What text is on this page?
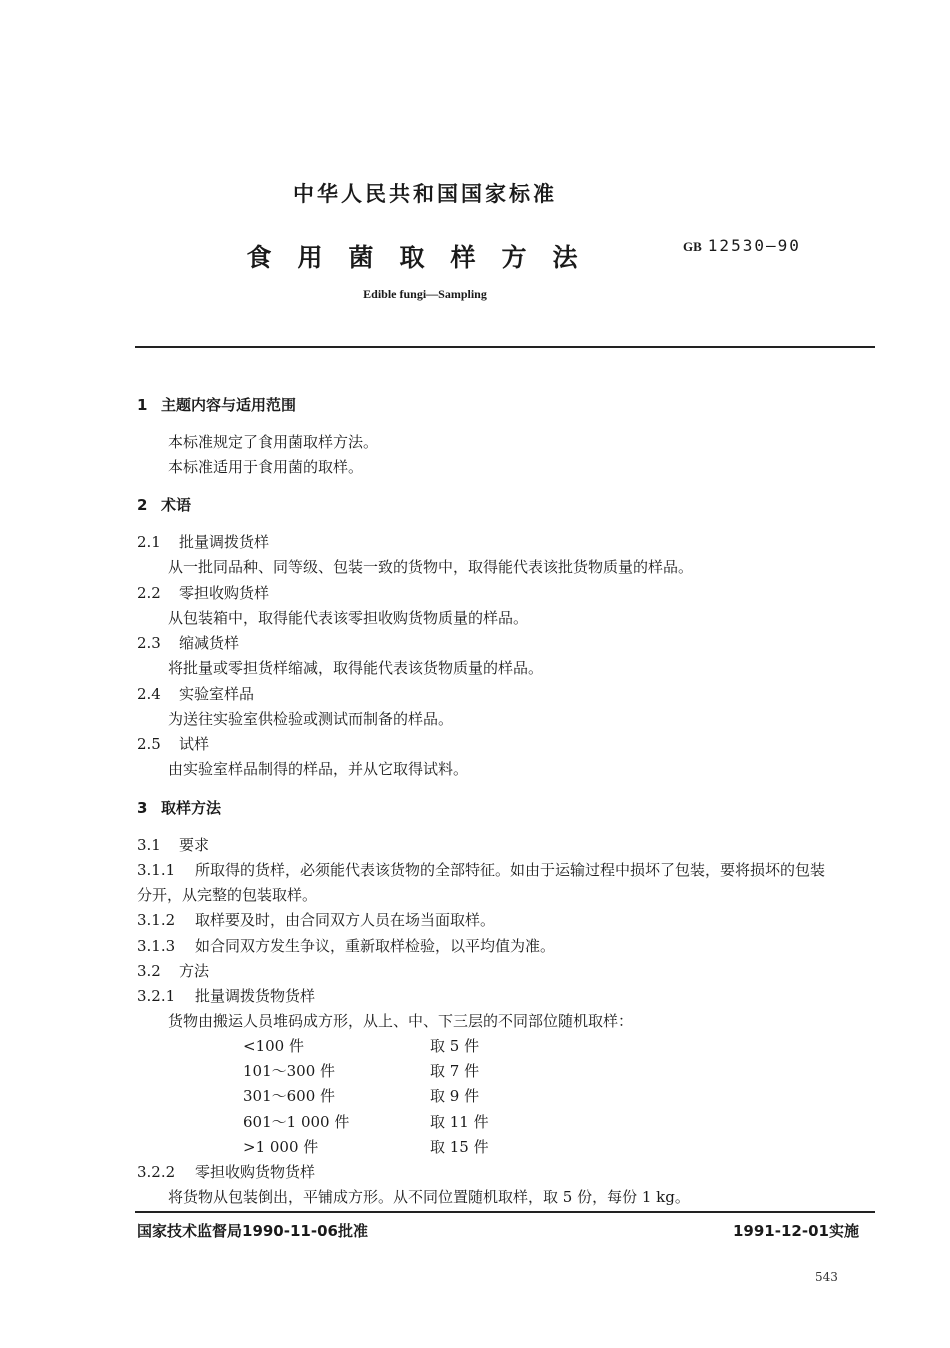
中华人民共和国国家标准
食用菌取样方法	GB 12530—90
Edible fungi—Sampling
1 主题内容与适用范围
本标准规定了食用菌取样方法。
本标准适用于食用菌的取样。
2 术语
2.1 批量调拨货样
从一批同品种、同等级、包装一致的货物中，取得能代表该批货物质量的样品。
2.2 零担收购货样
从包装箱中，取得能代表该零担收购货物质量的样品。
2.3 缩减货样
将批量或零担货样缩减，取得能代表该货物质量的样品。
2.4 实验室样品
为送往实验室供检验或测试而制备的样品。
2.5 试样
由实验室样品制得的样品，并从它取得试料。
3 取样方法
3.1 要求
3.1.1 所取得的货样，必须能代表该货物的全部特征。如由于运输过程中损坏了包装，要将损坏的包装
分开，从完整的包装取样。
3.1.2 取样要及时，由合同双方人员在场当面取样。
3.1.3 如合同双方发生争议，重新取样检验，以平均值为准。
3.2 方法
3.2.1 批量调拨货物货样
货物由搬运人员堆码成方形，从上、中、下三层的不同部位随机取样：
<100 件	取 5 件
101～300 件	取 7 件
301～600 件	取 9 件
601～1 000 件	取 11 件
>1 000 件	取 15 件
3.2.2 零担收购货物货样
将货物从包装倒出，平铺成方形。从不同位置随机取样，取 5 份，每份 1 kg。
国家技术监督局1990-11-06批准	1991-12-01实施
543
